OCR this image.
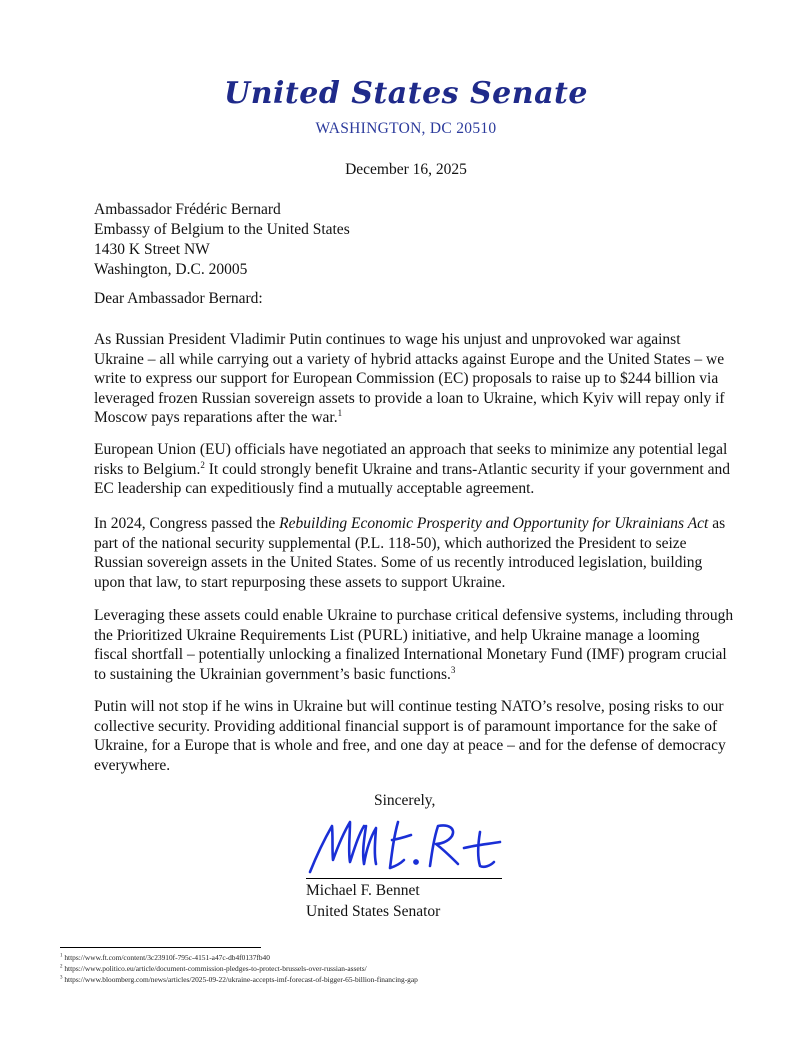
United States Senate
WASHINGTON, DC 20510
December 16, 2025
Ambassador Frédéric Bernard
Embassy of Belgium to the United States
1430 K Street NW
Washington, D.C. 20005
Dear Ambassador Bernard:

As Russian President Vladimir Putin continues to wage his unjust and unprovoked war against Ukraine – all while carrying out a variety of hybrid attacks against Europe and the United States – we write to express our support for European Commission (EC) proposals to raise up to $244 billion via leveraged frozen Russian sovereign assets to provide a loan to Ukraine, which Kyiv will repay only if Moscow pays reparations after the war.$^1$

European Union (EU) officials have negotiated an approach that seeks to minimize any potential legal risks to Belgium.$^2$ It could strongly benefit Ukraine and trans-Atlantic security if your government and EC leadership can expeditiously find a mutually acceptable agreement.

In 2024, Congress passed the Rebuilding Economic Prosperity and Opportunity for Ukrainians Act as part of the national security supplemental (P.L. 118-50), which authorized the President to seize Russian sovereign assets in the United States. Some of us recently introduced legislation, building upon that law, to start repurposing these assets to support Ukraine.

Leveraging these assets could enable Ukraine to purchase critical defensive systems, including through the Prioritized Ukraine Requirements List (PURL) initiative, and help Ukraine manage a looming fiscal shortfall – potentially unlocking a finalized International Monetary Fund (IMF) program crucial to sustaining the Ukrainian government’s basic functions.$^3$

Putin will not stop if he wins in Ukraine but will continue testing NATO’s resolve, posing risks to our collective security. Providing additional financial support is of paramount importance for the sake of Ukraine, for a Europe that is whole and free, and one day at peace – and for the defense of democracy everywhere.

Sincerely,
Michael F. Bennet
United States Senator
$^1$ https://www.ft.com/content/3c23910f-795c-4151-a47c-db4f0137fb40
$^2$ https://www.politico.eu/article/document-commission-pledges-to-protect-brussels-over-russian-assets/
$^3$ https://www.bloomberg.com/news/articles/2025-09-22/ukraine-accepts-imf-forecast-of-bigger-65-billion-financing-gap
